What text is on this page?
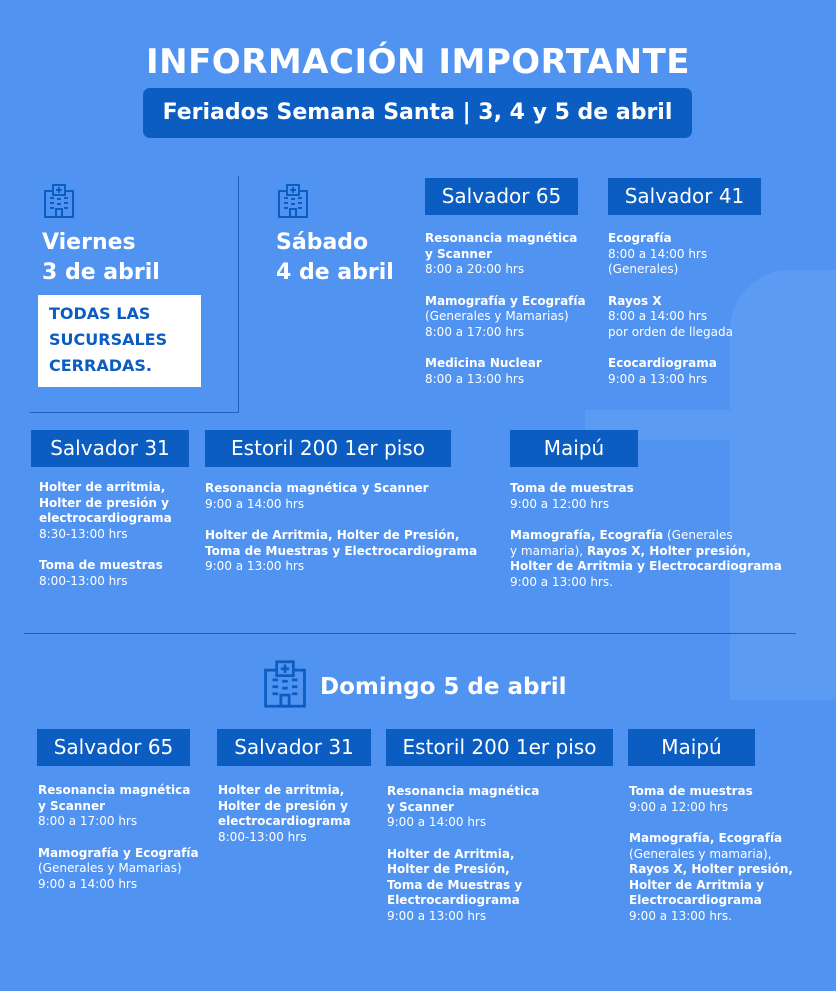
INFORMACIÓN IMPORTANTE
Feriados Semana Santa | 3, 4 y 5 de abril
Viernes
3 de abril
TODAS LAS
SUCURSALES
CERRADAS.
Sábado
4 de abril
Salvador 65
Resonancia magnética
y Scanner
8:00 a 20:00 hrs
Mamografía y Ecografía
(Generales y Mamarias)
8:00 a 17:00 hrs
Medicina Nuclear
8:00 a 13:00 hrs
Salvador 41
Ecografía
8:00 a 14:00 hrs
(Generales)
Rayos X
8:00 a 14:00 hrs
por orden de llegada
Ecocardiograma
9:00 a 13:00 hrs
Salvador 31
Holter de arritmia,
Holter de presión y
electrocardiograma
8:30-13:00 hrs
Toma de muestras
8:00-13:00 hrs
Estoril 200 1er piso
Resonancia magnética y Scanner
9:00 a 14:00 hrs
Holter de Arritmia, Holter de Presión,
Toma de Muestras y Electrocardiograma
9:00 a 13:00 hrs
Maipú
Toma de muestras
9:00 a 12:00 hrs
Mamografía, Ecografía (Generales
y mamaria), Rayos X, Holter presión,
Holter de Arritmia y Electrocardiograma
9:00 a 13:00 hrs.
Domingo 5 de abril
Salvador 65
Resonancia magnética
y Scanner
8:00 a 17:00 hrs
Mamografía y Ecografía
(Generales y Mamarias)
9:00 a 14:00 hrs
Salvador 31
Holter de arritmia,
Holter de presión y
electrocardiograma
8:00-13:00 hrs
Estoril 200 1er piso
Resonancia magnética
y Scanner
9:00 a 14:00 hrs
Holter de Arritmia,
Holter de Presión,
Toma de Muestras y
Electrocardiograma
9:00 a 13:00 hrs
Maipú
Toma de muestras
9:00 a 12:00 hrs
Mamografía, Ecografía
(Generales y mamaria),
Rayos X, Holter presión,
Holter de Arritmia y
Electrocardiograma
9:00 a 13:00 hrs.
